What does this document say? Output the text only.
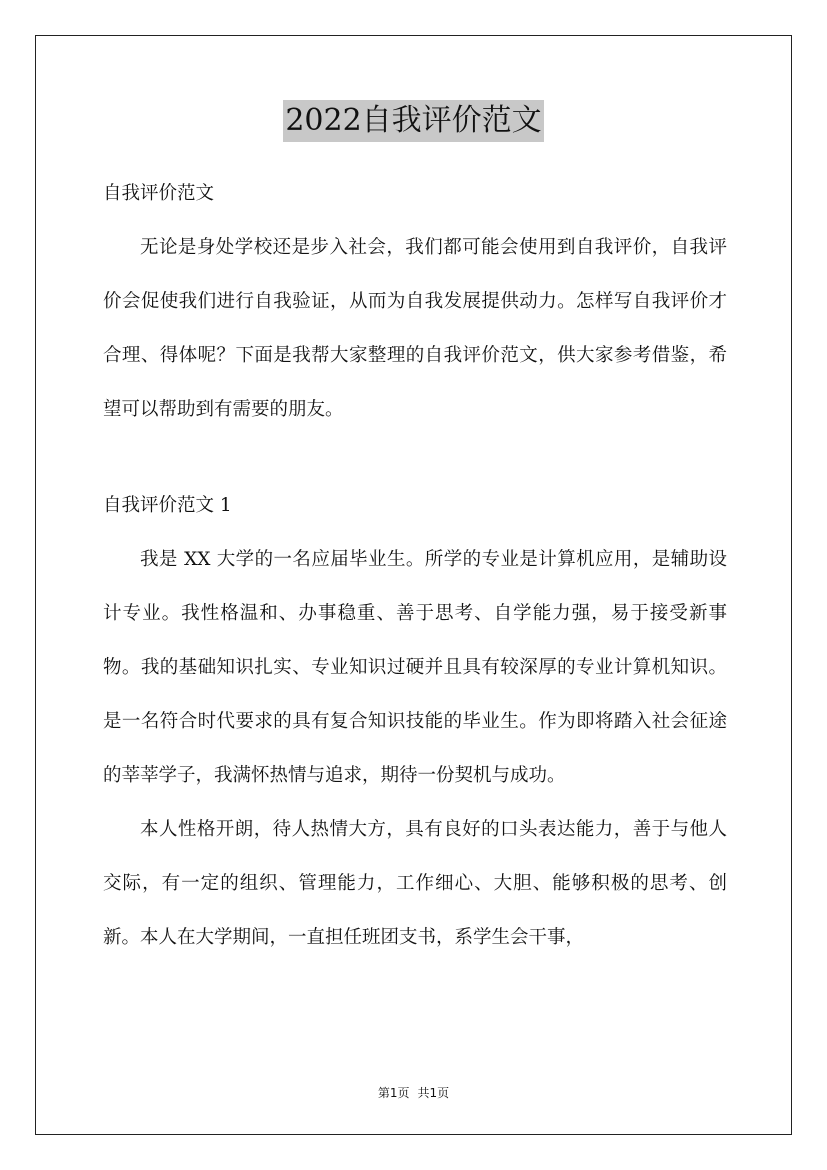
2022自我评价范文

自我评价范文

无论是身处学校还是步入社会，我们都可能会使用到自我评价，自我评价会促使我们进行自我验证，从而为自我发展提供动力。怎样写自我评价才合理、得体呢？下面是我帮大家整理的自我评价范文，供大家参考借鉴，希望可以帮助到有需要的朋友。

自我评价范文 1

我是 XX 大学的一名应届毕业生。所学的专业是计算机应用，是辅助设计专业。我性格温和、办事稳重、善于思考、自学能力强，易于接受新事物。我的基础知识扎实、专业知识过硬并且具有较深厚的专业计算机知识。是一名符合时代要求的具有复合知识技能的毕业生。作为即将踏入社会征途的莘莘学子，我满怀热情与追求，期待一份契机与成功。

本人性格开朗，待人热情大方，具有良好的口头表达能力，善于与他人交际，有一定的组织、管理能力，工作细心、大胆、能够积极的思考、创新。本人在大学期间，一直担任班团支书，系学生会干事，

第1页 共1页
